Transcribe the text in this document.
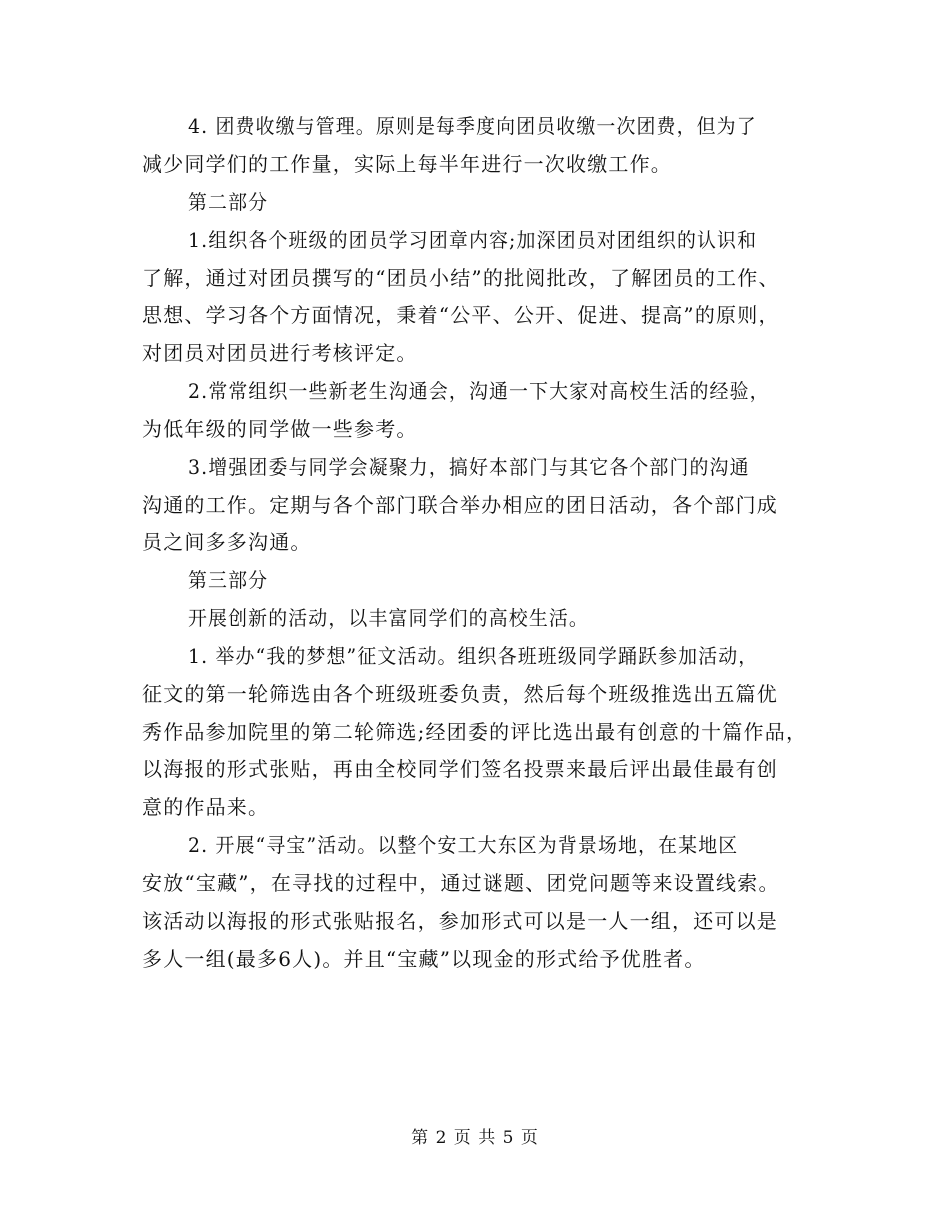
4. 团费收缴与管理。原则是每季度向团员收缴一次团费，但为了
减少同学们的工作量，实际上每半年进行一次收缴工作。
第二部分
1.组织各个班级的团员学习团章内容;加深团员对团组织的认识和
了解，通过对团员撰写的“团员小结”的批阅批改，了解团员的工作、
思想、学习各个方面情况，秉着“公平、公开、促进、提高”的原则，
对团员对团员进行考核评定。
2.常常组织一些新老生沟通会，沟通一下大家对高校生活的经验，
为低年级的同学做一些参考。
3.增强团委与同学会凝聚力，搞好本部门与其它各个部门的沟通
沟通的工作。定期与各个部门联合举办相应的团日活动，各个部门成
员之间多多沟通。
第三部分
开展创新的活动，以丰富同学们的高校生活。
1. 举办“我的梦想”征文活动。组织各班班级同学踊跃参加活动，
征文的第一轮筛选由各个班级班委负责，然后每个班级推选出五篇优
秀作品参加院里的第二轮筛选;经团委的评比选出最有创意的十篇作品，
以海报的形式张贴，再由全校同学们签名投票来最后评出最佳最有创
意的作品来。
2. 开展“寻宝”活动。以整个安工大东区为背景场地，在某地区
安放“宝藏”，在寻找的过程中，通过谜题、团党问题等来设置线索。
该活动以海报的形式张贴报名，参加形式可以是一人一组，还可以是
多人一组(最多6人)。并且“宝藏”以现金的形式给予优胜者。
第 2 页 共 5 页
